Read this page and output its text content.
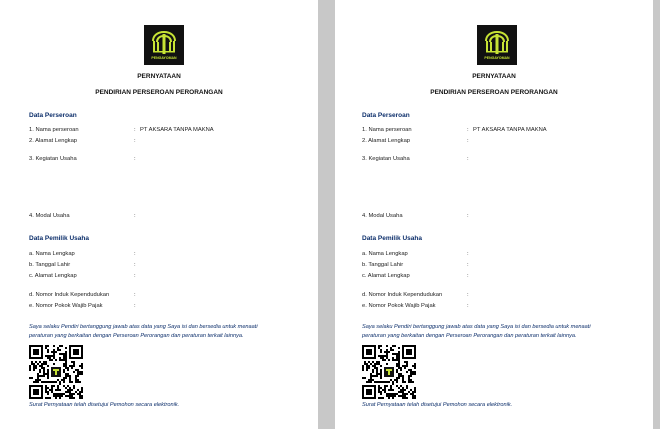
PENGAYOMAN
PERNYATAAN
PENDIRIAN PERSEROAN PERORANGAN
Data Perseroan
1. Nama perseroan	: PT AKSARA TANPA MAKNA
2. Alamat Lengkap	:
3. Kegiatan Usaha	:
4. Modal Usaha	:
Data Pemilik Usaha
a. Nama Lengkap	:
b. Tanggal Lahir	:
c. Alamat Lengkap	:
d. Nomor Induk Kependudukan	:
e. Nomor Pokok Wajib Pajak	:
Saya selaku Pendiri bertanggung jawab atas data yang Saya isi dan bersedia untuk menaati
peraturan yang berkaitan dengan Perseroan Perorangan dan peraturan terkait lainnya.
Surat Pernyataan telah disetujui Pemohon secara elektronik.
PENGAYOMAN
PERNYATAAN
PENDIRIAN PERSEROAN PERORANGAN
Data Perseroan
1. Nama perseroan	: PT AKSARA TANPA MAKNA
2. Alamat Lengkap	:
3. Kegiatan Usaha	:
4. Modal Usaha	:
Data Pemilik Usaha
a. Nama Lengkap	:
b. Tanggal Lahir	:
c. Alamat Lengkap	:
d. Nomor Induk Kependudukan	:
e. Nomor Pokok Wajib Pajak	:
Saya selaku Pendiri bertanggung jawab atas data yang Saya isi dan bersedia untuk menaati
peraturan yang berkaitan dengan Perseroan Perorangan dan peraturan terkait lainnya.
Surat Pernyataan telah disetujui Pemohon secara elektronik.
